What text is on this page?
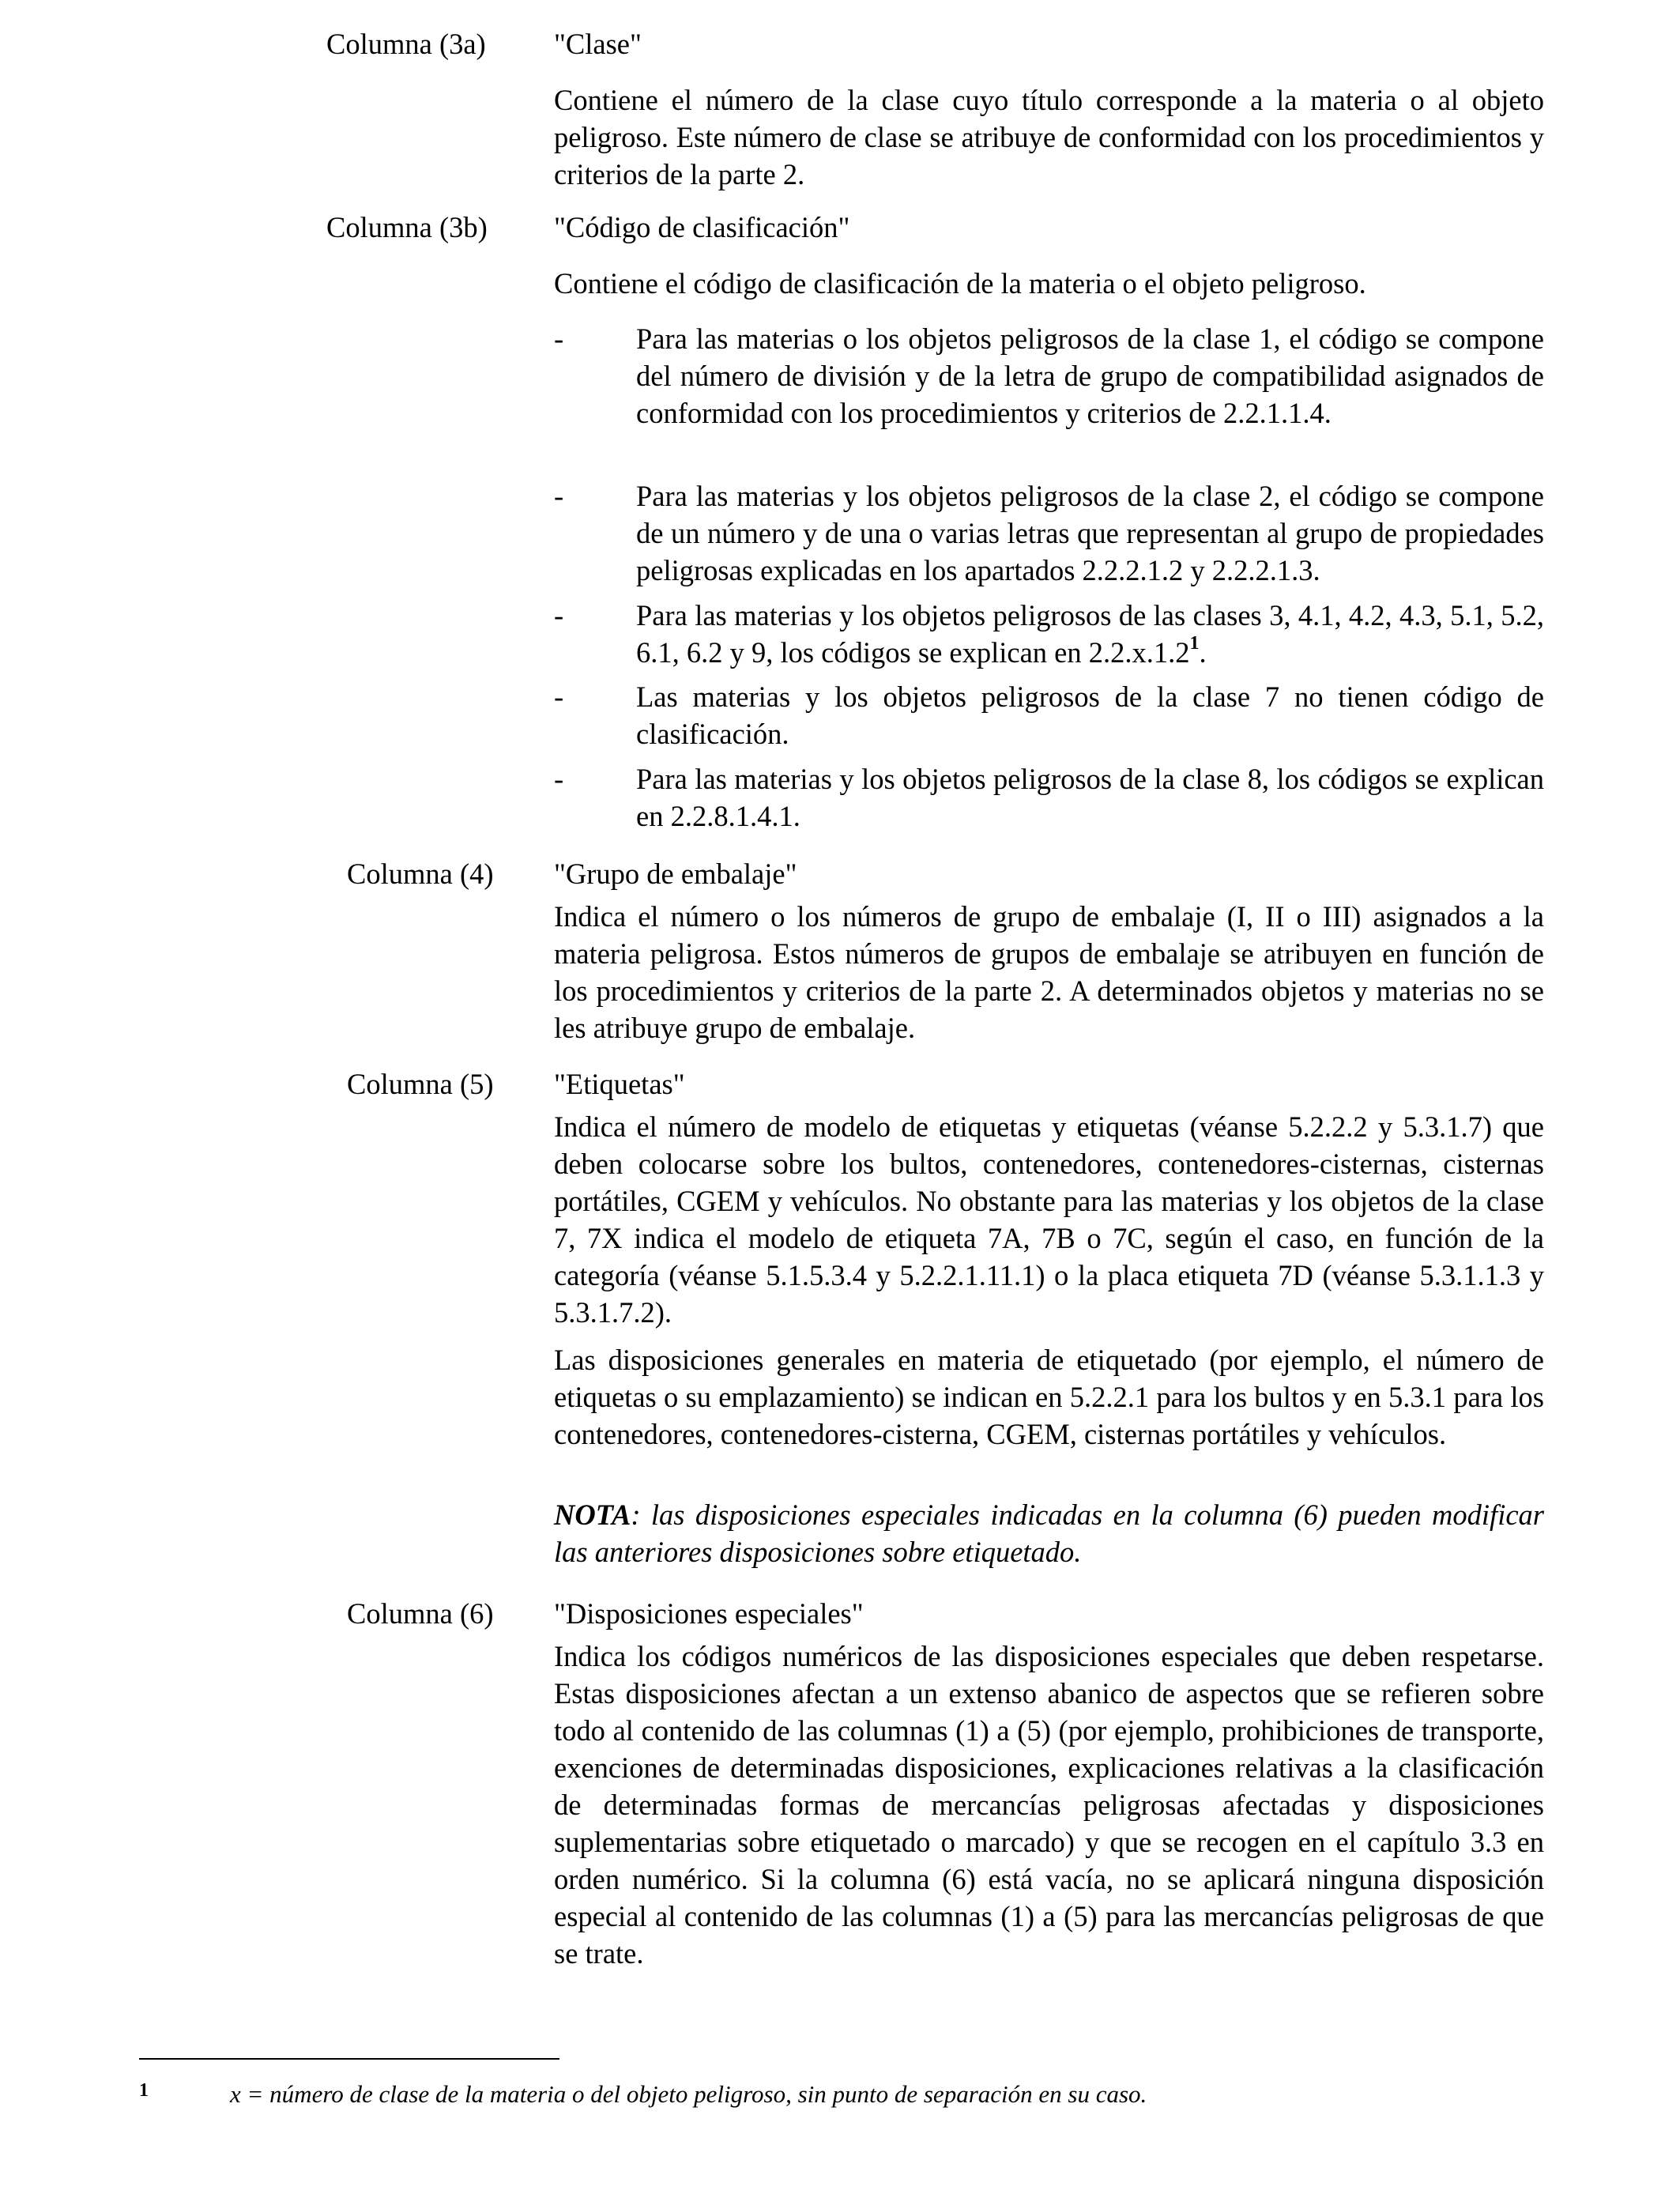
Columna (3a) "Clase"
Contiene el número de la clase cuyo título corresponde a la materia o al objeto peligroso. Este número de clase se atribuye de conformidad con los procedimientos y criterios de la parte 2.
Columna (3b) "Código de clasificación"
Contiene el código de clasificación de la materia o el objeto peligroso.
-	Para las materias o los objetos peligrosos de la clase 1, el código se compone del número de división y de la letra de grupo de compatibilidad asignados de conformidad con los procedimientos y criterios de 2.2.1.1.4.
-	Para las materias y los objetos peligrosos de la clase 2, el código se compone de un número y de una o varias letras que representan al grupo de propiedades peligrosas explicadas en los apartados 2.2.2.1.2 y 2.2.2.1.3.
-	Para las materias y los objetos peligrosos de las clases 3, 4.1, 4.2, 4.3, 5.1, 5.2, 6.1, 6.2 y 9, los códigos se explican en 2.2.x.1.2$^1$.
-	Las materias y los objetos peligrosos de la clase 7 no tienen código de clasificación.
-	Para las materias y los objetos peligrosos de la clase 8, los códigos se explican en 2.2.8.1.4.1.
Columna (4) "Grupo de embalaje"
Indica el número o los números de grupo de embalaje (I, II o III) asignados a la materia peligrosa. Estos números de grupos de embalaje se atribuyen en función de los procedimientos y criterios de la parte 2. A determinados objetos y materias no se les atribuye grupo de embalaje.
Columna (5) "Etiquetas"
Indica el número de modelo de etiquetas y etiquetas (véanse 5.2.2.2 y 5.3.1.7) que deben colocarse sobre los bultos, contenedores, contenedores-cisternas, cisternas portátiles, CGEM y vehículos. No obstante para las materias y los objetos de la clase 7, 7X indica el modelo de etiqueta 7A, 7B o 7C, según el caso, en función de la categoría (véanse 5.1.5.3.4 y 5.2.2.1.11.1) o la placa etiqueta 7D (véanse 5.3.1.1.3 y 5.3.1.7.2).
Las disposiciones generales en materia de etiquetado (por ejemplo, el número de etiquetas o su emplazamiento) se indican en 5.2.2.1 para los bultos y en 5.3.1 para los contenedores, contenedores-cisterna, CGEM, cisternas portátiles y vehículos.
NOTA: las disposiciones especiales indicadas en la columna (6) pueden modificar las anteriores disposiciones sobre etiquetado.
Columna (6) "Disposiciones especiales"
Indica los códigos numéricos de las disposiciones especiales que deben respetarse. Estas disposiciones afectan a un extenso abanico de aspectos que se refieren sobre todo al contenido de las columnas (1) a (5) (por ejemplo, prohibiciones de transporte, exenciones de determinadas disposiciones, explicaciones relativas a la clasificación de determinadas formas de mercancías peligrosas afectadas y disposiciones suplementarias sobre etiquetado o marcado) y que se recogen en el capítulo 3.3 en orden numérico. Si la columna (6) está vacía, no se aplicará ninguna disposición especial al contenido de las columnas (1) a (5) para las mercancías peligrosas de que se trate.
1	x = número de clase de la materia o del objeto peligroso, sin punto de separación en su caso.
